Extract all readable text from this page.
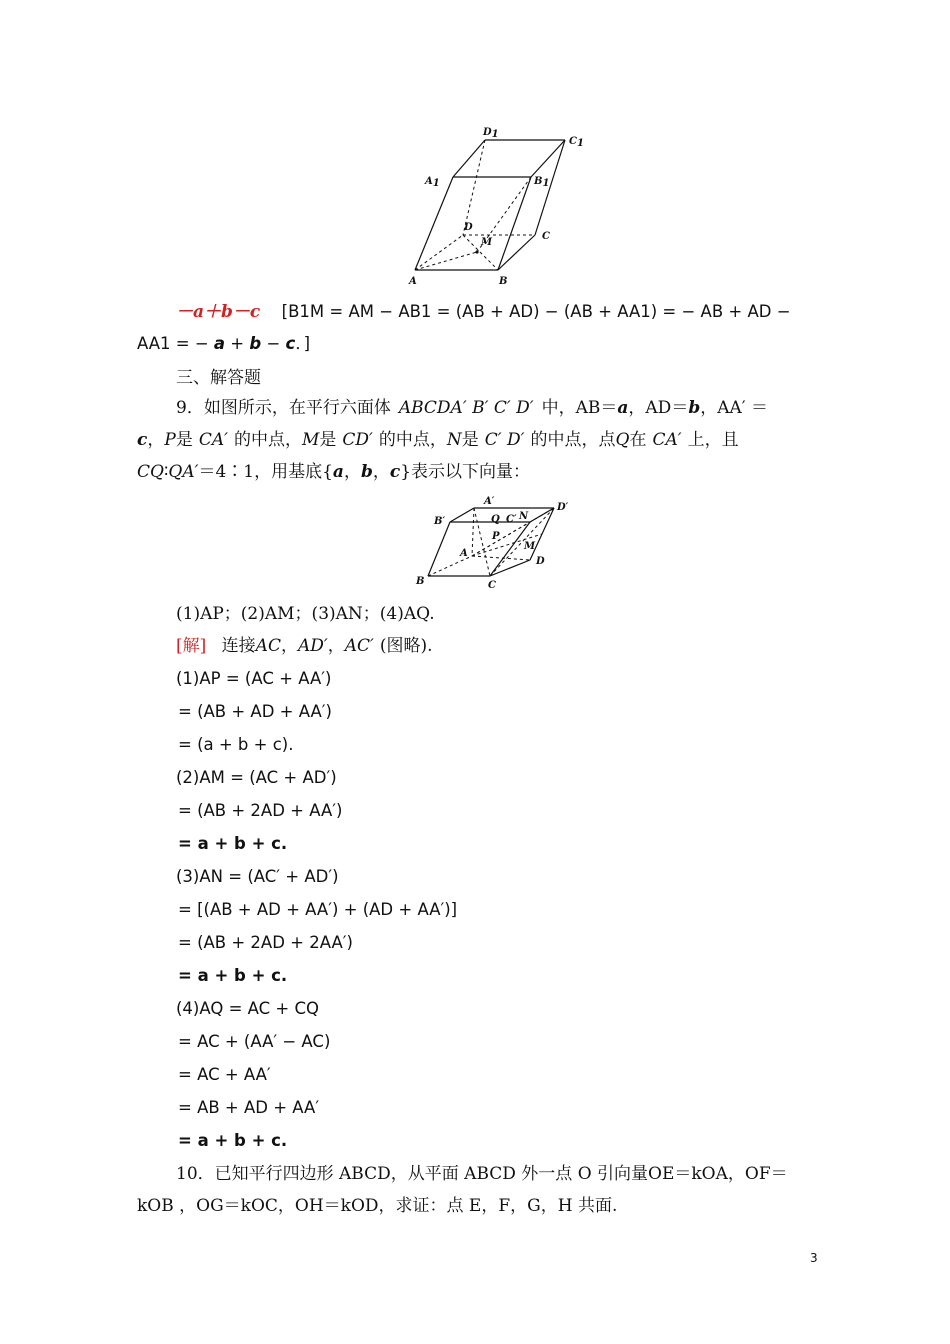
D1
C1
A1	B1
D
M
C
A	B
－a＋b－c [B1M = AM − AB1 = (AB + AD) − (AB + AA1) = − AB + AD −
AA1 = − a + b − c．]
三、解答题
9．如图所示，在平行六面体 ABCDA′ B′ C′ D′ 中，AB＝a，AD＝b，AA′ ＝
c，P是 CA′ 的中点，M是 CD′ 的中点，N是 C′ D′ 的中点，点Q在 CA′ 上，且
CQ∶QA′＝4∶1，用基底{a，b，c}表示以下向量：
A′
D′
B′	Q C′ N
P
A
M
D
B	C
(1)AP；(2)AM；(3)AN；(4)AQ.
[解] 连接AC，AD′，AC′ (图略).
(1)AP = (AC + AA′)
= (AB + AD + AA′)
= (a + b + c).
(2)AM = (AC + AD′)
= (AB + 2AD + AA′)
= a + b + c.
(3)AN = (AC′ + AD′)
= [(AB + AD + AA′) + (AD + AA′)]
= (AB + 2AD + 2AA′)
= a + b + c.
(4)AQ = AC + CQ
= AC + (AA′ − AC)
= AC + AA′
= AB + AD + AA′
= a + b + c.
10．已知平行四边形 ABCD，从平面 ABCD 外一点 O 引向量OE＝kOA，OF＝
kOB ，OG＝kOC，OH＝kOD，求证：点 E，F，G，H 共面.
3
